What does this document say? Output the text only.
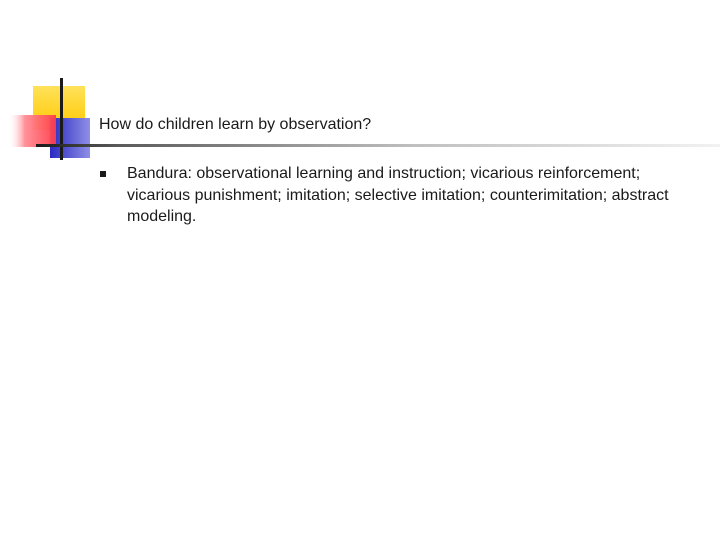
How do children learn by observation?
Bandura: observational learning and instruction; vicarious reinforcement; vicarious punishment; imitation; selective imitation; counterimitation; abstract modeling.
